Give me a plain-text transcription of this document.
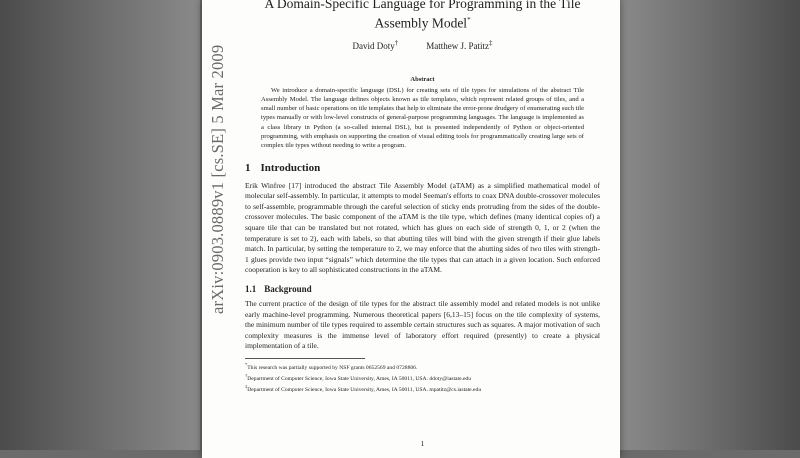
arXiv:0903.0889v1 [cs.SE] 5 Mar 2009
A Domain-Specific Language for Programming in the Tile Assembly Model*
David Doty†	Matthew J. Patitz‡
Abstract
We introduce a domain-specific language (DSL) for creating sets of tile types for simulations of the abstract Tile Assembly Model. The language defines objects known as tile templates, which represent related groups of tiles, and a small number of basic operations on tile templates that help to eliminate the error-prone drudgery of enumerating such tile types manually or with low-level constructs of general-purpose programming languages. The language is implemented as a class library in Python (a so-called internal DSL), but is presented independently of Python or object-oriented programming, with emphasis on supporting the creation of visual editing tools for programmatically creating large sets of complex tile types without needing to write a program.
1 Introduction
Erik Winfree [17] introduced the abstract Tile Assembly Model (aTAM) as a simplified mathematical model of molecular self-assembly. In particular, it attempts to model Seeman's efforts to coax DNA double-crossover molecules to self-assemble, programmable through the careful selection of sticky ends protruding from the sides of the double-crossover molecules. The basic component of the aTAM is the tile type, which defines (many identical copies of) a square tile that can be translated but not rotated, which has glues on each side of strength 0, 1, or 2 (when the temperature is set to 2), each with labels, so that abutting tiles will bind with the given strength if their glue labels match. In particular, by setting the temperature to 2, we may enforce that the abutting sides of two tiles with strength-1 glues provide two input “signals” which determine the tile types that can attach in a given location. Such enforced cooperation is key to all sophisticated constructions in the aTAM.
1.1 Background
The current practice of the design of tile types for the abstract tile assembly model and related models is not unlike early machine-level programming. Numerous theoretical papers [6,13–15] focus on the tile complexity of systems, the minimum number of tile types required to assemble certain structures such as squares. A major motivation of such complexity measures is the immense level of laboratory effort required (presently) to create a physical implementation of a tile.
*This research was partially supported by NSF grants 0652569 and 0728806.
†Department of Computer Science, Iowa State University, Ames, IA 50011, USA. ddoty@iastate.edu
‡Department of Computer Science, Iowa State University, Ames, IA 50011, USA. mpatitz@cs.iastate.edu
1
